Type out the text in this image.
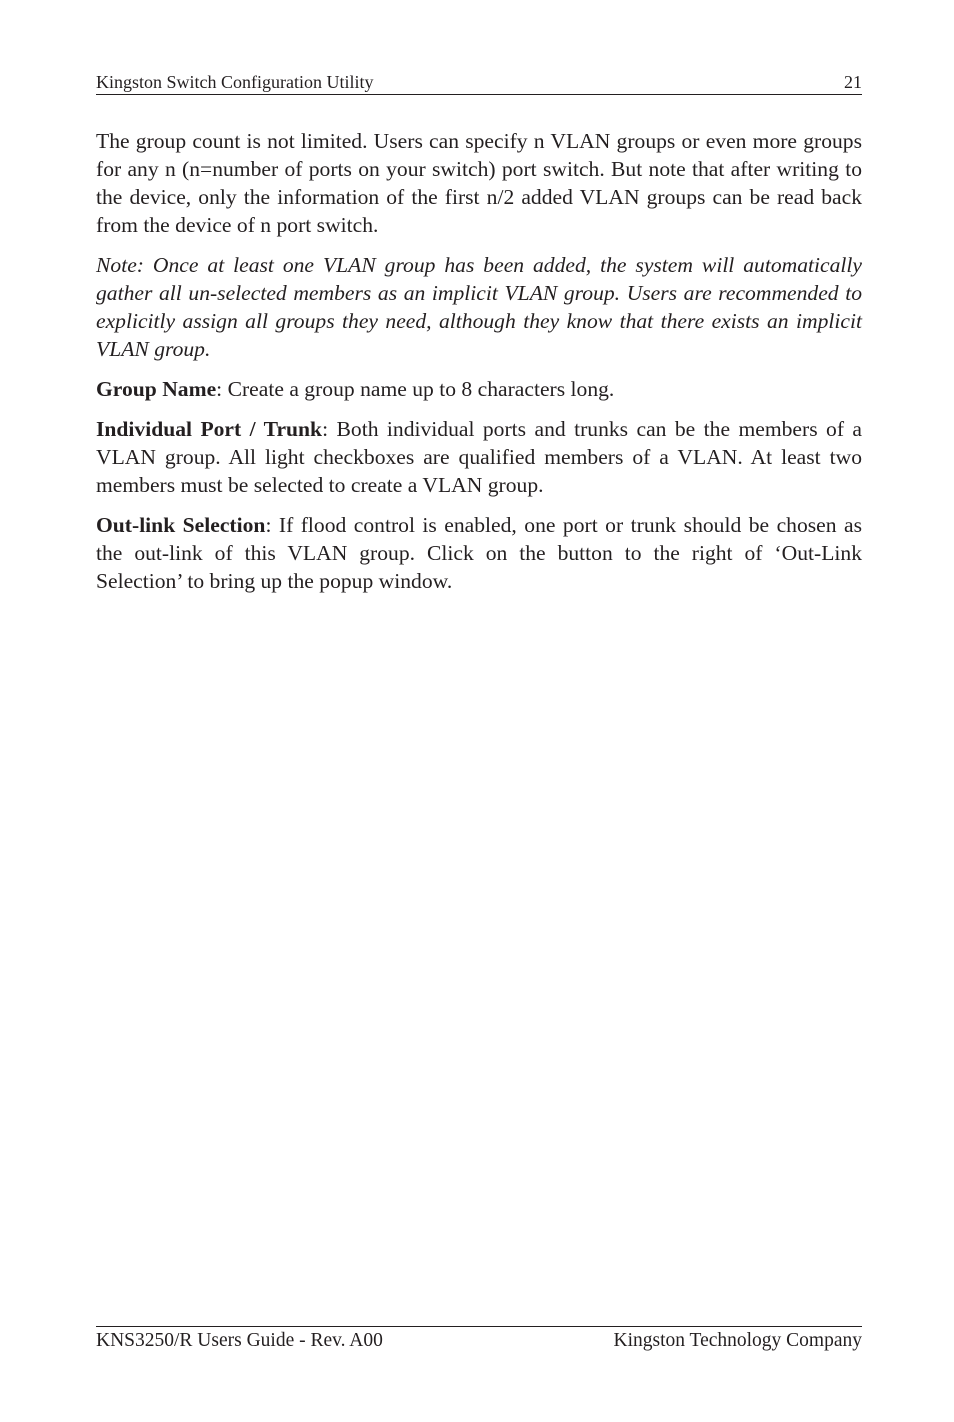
Kingston Switch Configuration Utility	21

The group count is not limited. Users can specify n VLAN groups or even more groups for any n (n=number of ports on your switch) port switch. But note that after writing to the device, only the information of the first n/2 added VLAN groups can be read back from the device of n port switch.

Note: Once at least one VLAN group has been added, the system will automatically gather all un-selected members as an implicit VLAN group. Users are recommended to explicitly assign all groups they need, although they know that there exists an implicit VLAN group.

Group Name: Create a group name up to 8 characters long.

Individual Port / Trunk: Both individual ports and trunks can be the members of a VLAN group. All light checkboxes are qualified members of a VLAN. At least two members must be selected to create a VLAN group.

Out-link Selection: If flood control is enabled, one port or trunk should be chosen as the out-link of this VLAN group. Click on the button to the right of ‘Out-Link Selection’ to bring up the popup window.

KNS3250/R Users Guide - Rev. A00	Kingston Technology Company
